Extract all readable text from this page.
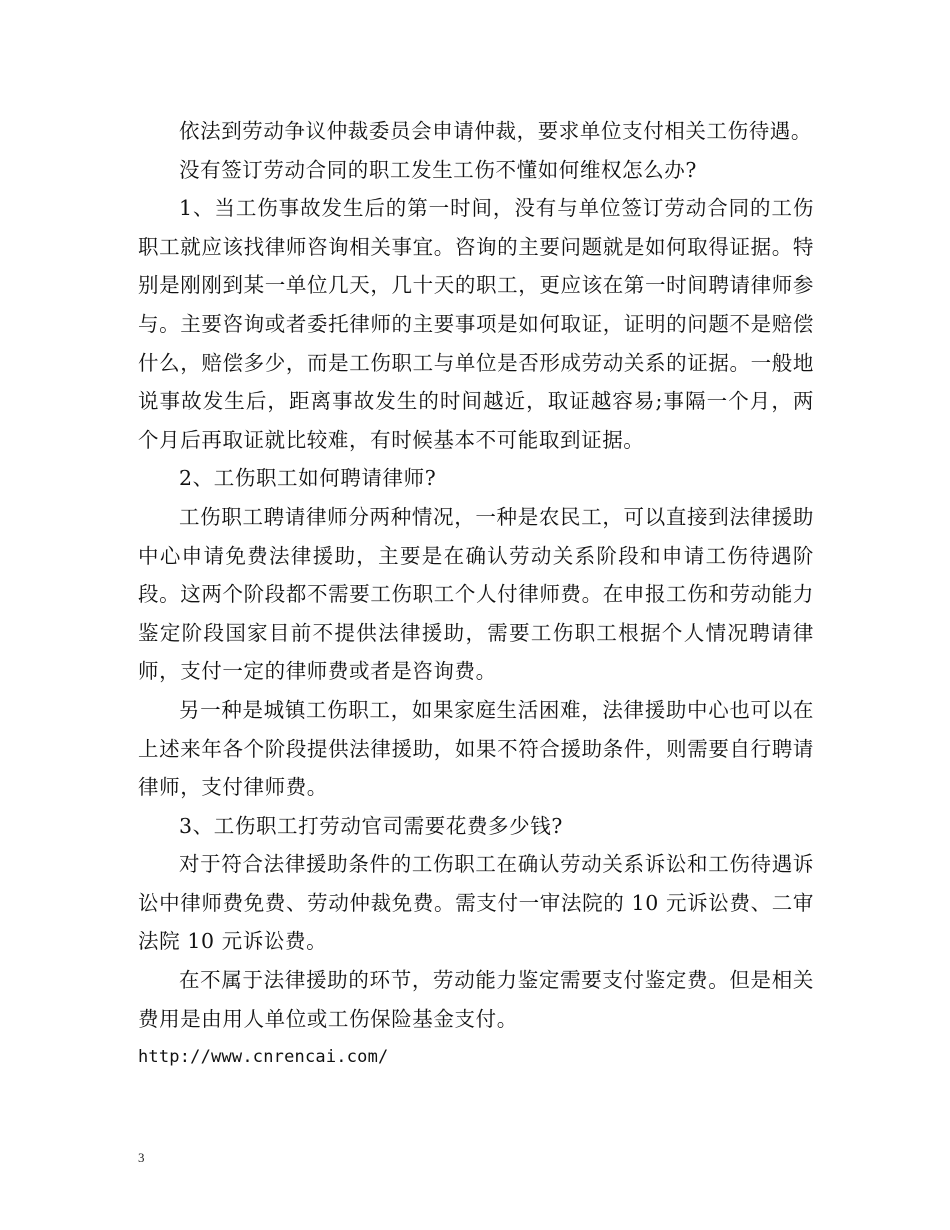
依法到劳动争议仲裁委员会申请仲裁，要求单位支付相关工伤待遇。

没有签订劳动合同的职工发生工伤不懂如何维权怎么办?

1、当工伤事故发生后的第一时间，没有与单位签订劳动合同的工伤职工就应该找律师咨询相关事宜。咨询的主要问题就是如何取得证据。特别是刚刚到某一单位几天，几十天的职工，更应该在第一时间聘请律师参与。主要咨询或者委托律师的主要事项是如何取证，证明的问题不是赔偿什么，赔偿多少，而是工伤职工与单位是否形成劳动关系的证据。一般地说事故发生后，距离事故发生的时间越近，取证越容易;事隔一个月，两个月后再取证就比较难，有时候基本不可能取到证据。

2、工伤职工如何聘请律师?

工伤职工聘请律师分两种情况，一种是农民工，可以直接到法律援助中心申请免费法律援助，主要是在确认劳动关系阶段和申请工伤待遇阶段。这两个阶段都不需要工伤职工个人付律师费。在申报工伤和劳动能力鉴定阶段国家目前不提供法律援助，需要工伤职工根据个人情况聘请律师，支付一定的律师费或者是咨询费。

另一种是城镇工伤职工，如果家庭生活困难，法律援助中心也可以在上述来年各个阶段提供法律援助，如果不符合援助条件，则需要自行聘请律师，支付律师费。

3、工伤职工打劳动官司需要花费多少钱?

对于符合法律援助条件的工伤职工在确认劳动关系诉讼和工伤待遇诉讼中律师费免费、劳动仲裁免费。需支付一审法院的 10 元诉讼费、二审法院 10 元诉讼费。

在不属于法律援助的环节，劳动能力鉴定需要支付鉴定费。但是相关费用是由用人单位或工伤保险基金支付。

http://www.cnrencai.com/

3
